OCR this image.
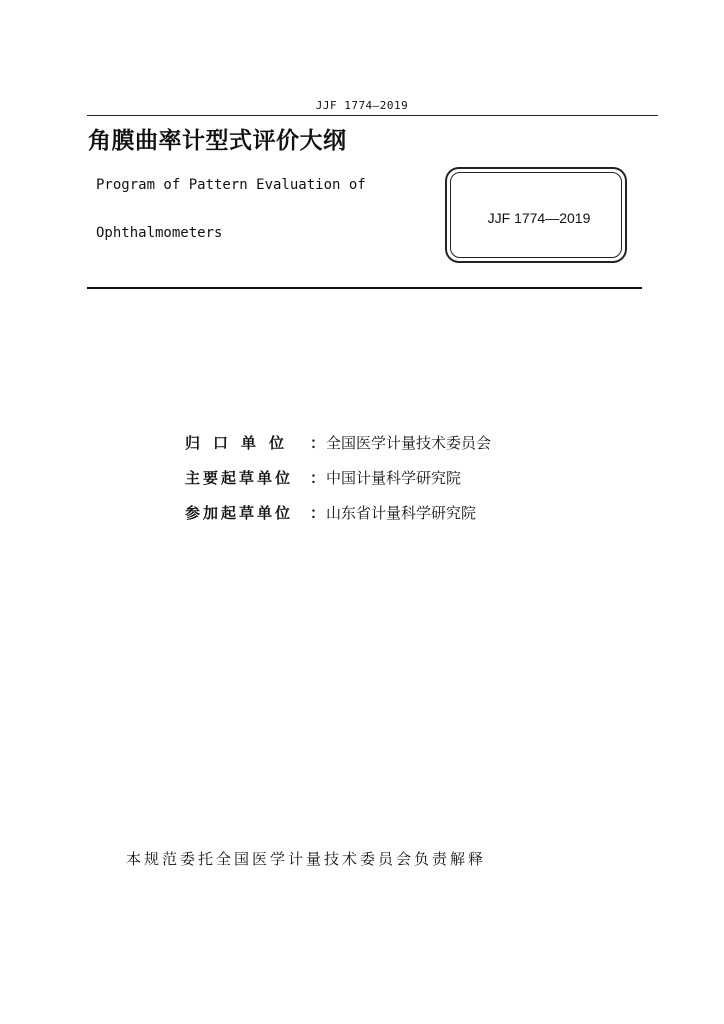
JJF 1774—2019
角膜曲率计型式评价大纲
Program of Pattern Evaluation of
Ophthalmometers
JJF 1774—2019
归口单位 ： 全国医学计量技术委员会
主要起草单位	： 中国计量科学研究院
参加起草单位	： 山东省计量科学研究院
本规范委托全国医学计量技术委员会负责解释
